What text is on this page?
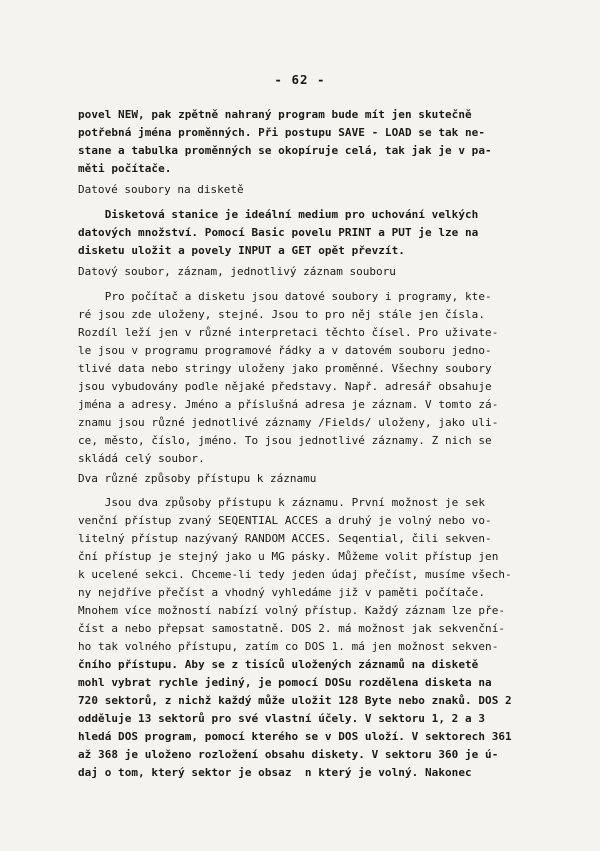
- 62 -
povel NEW, pak zpětně nahraný program bude mít jen skutečně
potřebná jména proměnných. Při postupu SAVE - LOAD se tak ne-
stane a tabulka proměnných se okopíruje celá, tak jak je v pa-
měti počítače.
Datové soubory na disketě
Disketová stanice je ideální medium pro uchování velkých
datových množství. Pomocí Basic povelu PRINT a PUT je lze na
disketu uložit a povely INPUT a GET opět převzít.
Datový soubor, záznam, jednotlivý záznam souboru
Pro počítač a disketu jsou datové soubory i programy, kte-
ré jsou zde uloženy, stejné. Jsou to pro něj stále jen čísla.
Rozdíl leží jen v různé interpretaci těchto čísel. Pro uživate-
le jsou v programu programové řádky a v datovém souboru jedno-
tlivé data nebo stringy uloženy jako proměnné. Všechny soubory
jsou vybudovány podle nějaké představy. Např. adresář obsahuje
jména a adresy. Jméno a příslušná adresa je záznam. V tomto zá-
znamu jsou různé jednotlivé záznamy /Fields/ uloženy, jako uli-
ce, město, číslo, jméno. To jsou jednotlivé záznamy. Z nich se
skládá celý soubor.
Dva různé způsoby přístupu k záznamu
Jsou dva způsoby přístupu k záznamu. První možnost je sek
venční přístup zvaný SEQENTIAL ACCES a druhý je volný nebo vo-
litelný přístup nazývaný RANDOM ACCES. Seqential, čili sekven-
ční přístup je stejný jako u MG pásky. Můžeme volit přístup jen
k ucelené sekci. Chceme-li tedy jeden údaj přečíst, musíme všech-
ny nejdříve přečíst a vhodný vyhledáme již v paměti počítače.
Mnohem více možností nabízí volný přístup. Každý záznam lze pře-
číst a nebo přepsat samostatně. DOS 2. má možnost jak sekvenční-
ho tak volného přístupu, zatím co DOS 1. má jen možnost sekven-
čního přístupu. Aby se z tisíců uložených záznamů na disketě
mohl vybrat rychle jediný, je pomocí DOSu rozdělena disketa na
720 sektorů, z nichž každý může uložit 128 Byte nebo znaků. DOS 2
odděluje 13 sektorů pro své vlastní účely. V sektoru 1, 2 a 3
hledá DOS program, pomocí kterého se v DOS uloží. V sektorech 361
až 368 je uloženo rozložení obsahu diskety. V sektoru 360 je ú-
daj o tom, který sektor je obsaz  n který je volný. Nakonec
